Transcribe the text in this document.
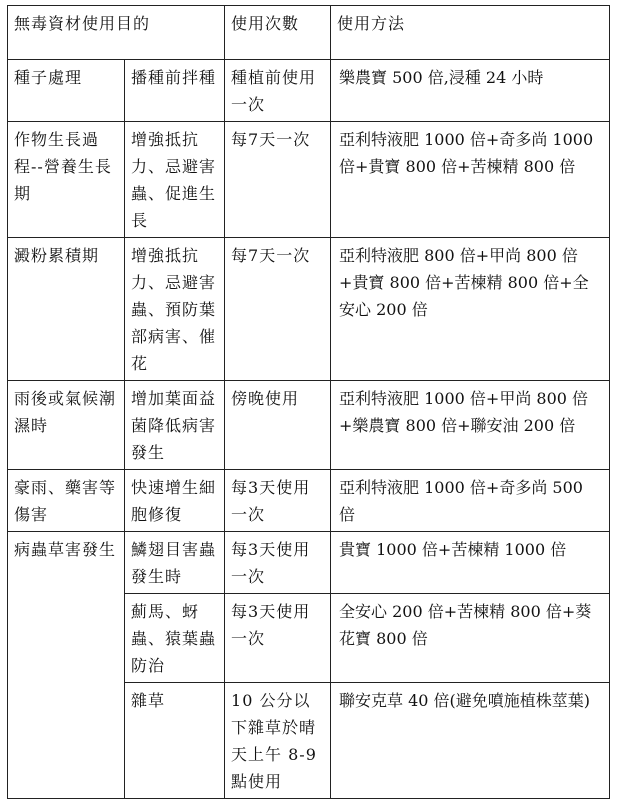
無毒資材使用目的		使用次數	使用方法
種子處理	播種前拌種	種植前使用一次	樂農寶 500 倍,浸種 24 小時
作物生長過程--營養生長期	增強抵抗力、忌避害蟲、促進生長	每7天一次	亞利特液肥 1000 倍+奇多尚 1000 倍+貴寶 800 倍+苦楝精 800 倍
澱粉累積期	增強抵抗力、忌避害蟲、預防葉部病害、催花	每7天一次	亞利特液肥 800 倍+甲尚 800 倍+貴寶 800 倍+苦楝精 800 倍+全安心 200 倍
雨後或氣候潮濕時	增加葉面益菌降低病害發生	傍晚使用	亞利特液肥 1000 倍+甲尚 800 倍+樂農寶 800 倍+聯安油 200 倍
豪雨、藥害等傷害	快速增生細胞修復	每3天使用一次	亞利特液肥 1000 倍+奇多尚 500 倍
病蟲草害發生	鱗翅目害蟲發生時	每3天使用一次	貴寶 1000 倍+苦楝精 1000 倍
	薊馬、蚜蟲、猿葉蟲防治	每3天使用一次	全安心 200 倍+苦楝精 800 倍+葵花寶 800 倍
	雜草	10 公分以下雜草於晴天上午 8-9 點使用	聯安克草 40 倍(避免噴施植株莖葉)
